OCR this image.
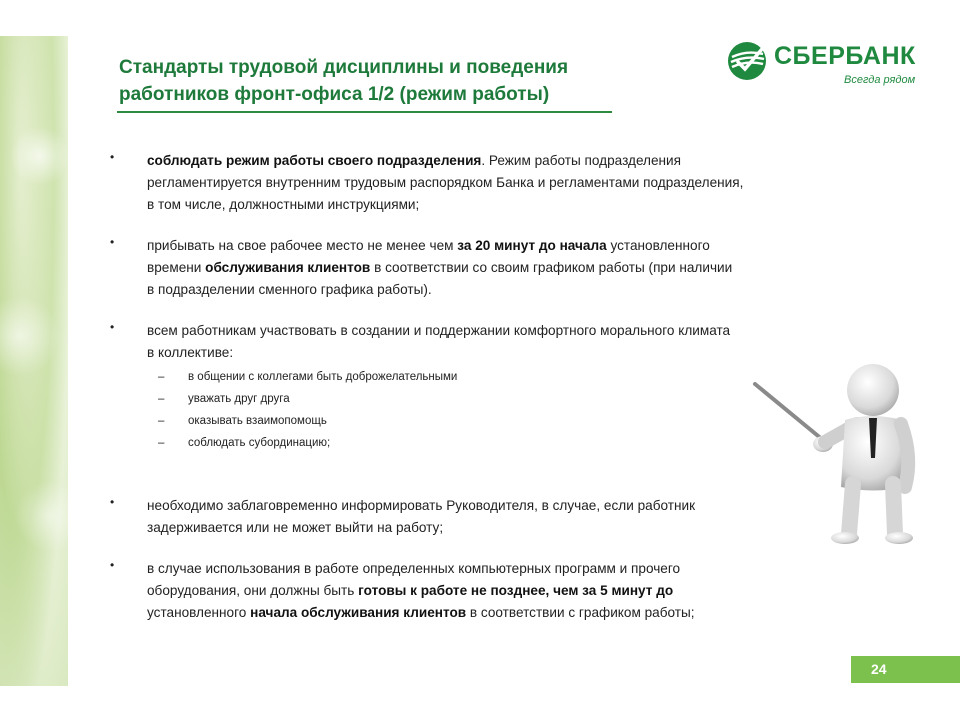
Стандарты трудовой дисциплины и поведения
работников фронт-офиса 1/2 (режим работы)
СБЕРБАНК
Всегда рядом
• соблюдать режим работы своего подразделения. Режим работы подразделения
регламентируется внутренним трудовым распорядком Банка и регламентами подразделения,
в том числе, должностными инструкциями;
• прибывать на свое рабочее место не менее чем за 20 минут до начала установленного
времени обслуживания клиентов в соответствии со своим графиком работы (при наличии
в подразделении сменного графика работы).
• всем работникам участвовать в создании и поддержании комфортного морального климата
в коллективе:
– в общении с коллегами быть доброжелательными
– уважать друг друга
– оказывать взаимопомощь
– соблюдать субординацию;
• необходимо заблаговременно информировать Руководителя, в случае, если работник
задерживается или не может выйти на работу;
• в случае использования в работе определенных компьютерных программ и прочего
оборудования, они должны быть готовы к работе не позднее, чем за 5 минут до
установленного начала обслуживания клиентов в соответствии с графиком работы;
24
